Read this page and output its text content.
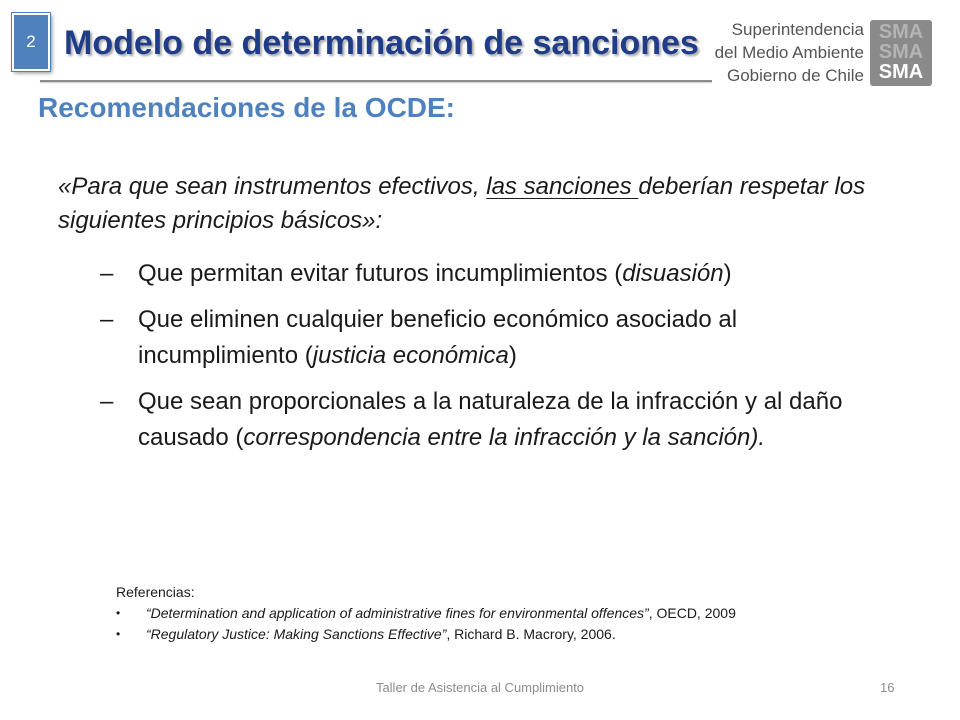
2 Modelo de determinación de sanciones	Superintendencia
del Medio Ambiente
Gobierno de Chile
SMA
SMA
SMA
Recomendaciones de la OCDE:

«Para que sean instrumentos efectivos, las sanciones deberían respetar los siguientes principios básicos»:

– Que permitan evitar futuros incumplimientos (disuasión)
– Que eliminen cualquier beneficio económico asociado al incumplimiento (justicia económica)
– Que sean proporcionales a la naturaleza de la infracción y al daño causado (correspondencia entre la infracción y la sanción).
Referencias:
• “Determination and application of administrative fines for environmental offences”, OECD, 2009
• “Regulatory Justice: Making Sanctions Effective”, Richard B. Macrory, 2006.
Taller de Asistencia al Cumplimiento	16
